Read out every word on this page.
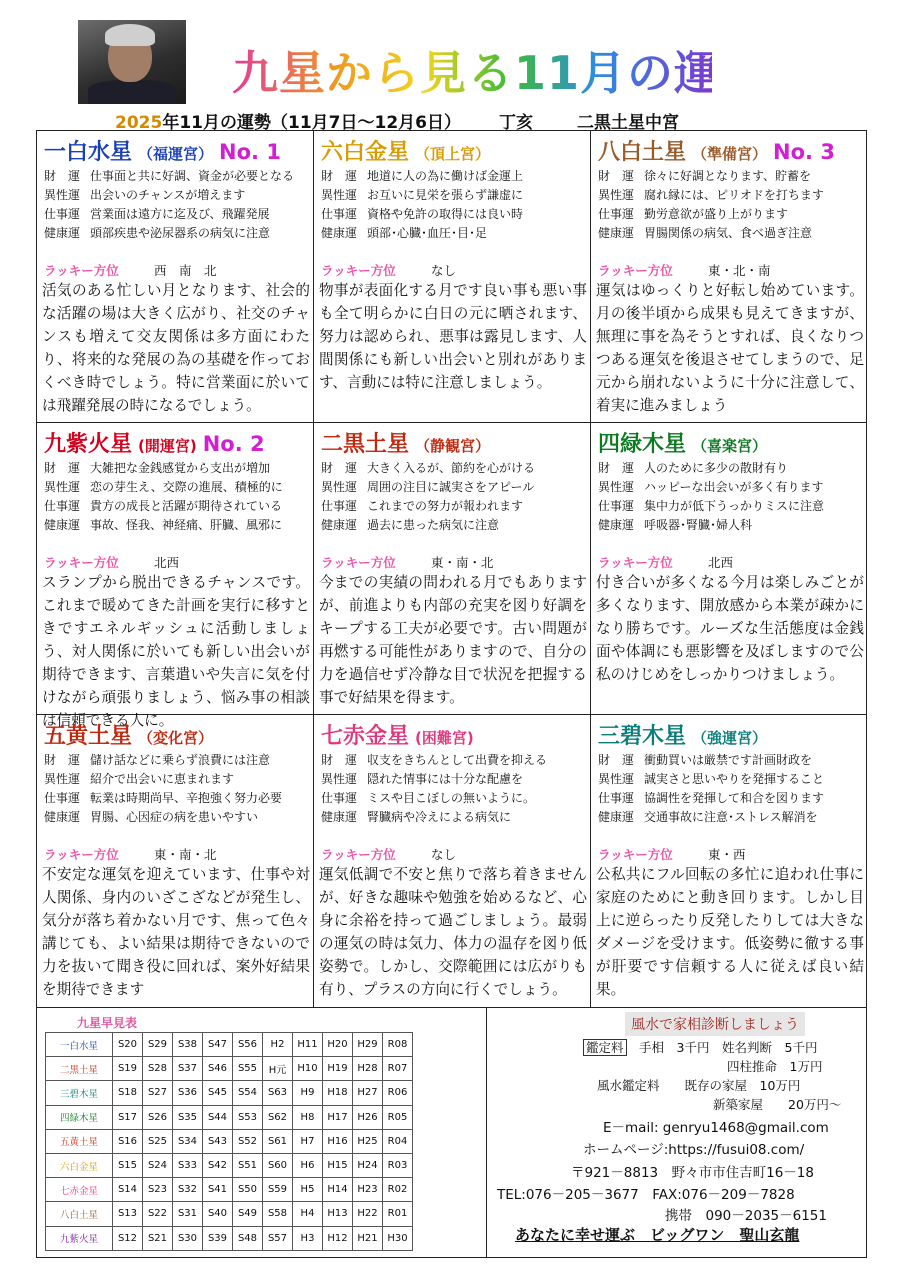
九星から見る11月の運勢
2025年11月の運勢（11月7日～12月6日） 丁亥	二黒土星中宮
一白水星 （福運宮） No. 1
財　運 仕事面と共に好調、資金が必要となる
異性運 出会いのチャンスが増えます
仕事運 営業面は遠方に迄及び、飛躍発展
健康運 頭部疾患や泌尿器系の病気に注意
ラッキー方位	西　南　北
活気のある忙しい月となります、社会的な活躍の場は大きく広がり、社交のチャンスも増えて交友関係は多方面にわたり、将来的な発展の為の基礎を作っておくべき時でしょう。特に営業面に於いては飛躍発展の時になるでしょう。
六白金星 （頂上宮）
財　運 地道に人の為に働けば金運上
異性運 お互いに見栄を張らず謙虚に
仕事運 資格や免許の取得には良い時
健康運 頭部･心臓･血圧･目･足
ラッキー方位	なし
物事が表面化する月です良い事も悪い事も全て明らかに白日の元に晒されます、努力は認められ、悪事は露見します、人間関係にも新しい出会いと別れがあります、言動には特に注意しましょう。
八白土星 （準備宮） No. 3
財　運 徐々に好調となります、貯蓄を
異性運 腐れ縁には、ピリオドを打ちます
仕事運 勤労意欲が盛り上がります
健康運 胃腸関係の病気、食べ過ぎ注意
ラッキー方位	東・北・南
運気はゆっくりと好転し始めています。月の後半頃から成果も見えてきますが、無理に事を為そうとすれば、良くなりつつある運気を後退させてしまうので、足元から崩れないように十分に注意して、着実に進みましょう
九紫火星 (開運宮) No. 2
財　運 大雑把な金銭感覚から支出が増加
異性運 恋の芽生え、交際の進展、積極的に
仕事運 貴方の成長と活躍が期待されている
健康運 事故、怪我、神経痛、肝臓、風邪に
ラッキー方位	北西
スランプから脱出できるチャンスです。これまで暖めてきた計画を実行に移すときですエネルギッシュに活動しましょう、対人関係に於いても新しい出会いが期待できます、言葉遣いや失言に気を付けながら頑張りましょう、悩み事の相談は信頼できる人に。
二黒土星 （静観宮）
財　運 大きく入るが、節約を心がける
異性運 周囲の注目に誠実さをアピール
仕事運 これまでの努力が報われます
健康運 過去に患った病気に注意
ラッキー方位	東・南・北
今までの実績の問われる月でもありますが、前進よりも内部の充実を図り好調をキープする工夫が必要です。古い問題が再燃する可能性がありますので、自分の力を過信せず冷静な目で状況を把握する事で好結果を得ます。
四緑木星 （喜楽宮）
財　運 人のために多少の散財有り
異性運 ハッピーな出会いが多く有ります
仕事運 集中力が低下うっかりミスに注意
健康運 呼吸器･腎臓･婦人科
ラッキー方位	北西
付き合いが多くなる今月は楽しみごとが多くなります、開放感から本業が疎かになり勝ちです。ルーズな生活態度は金銭面や体調にも悪影響を及ぼしますので公私のけじめをしっかりつけましょう。
五黄土星 （変化宮）
財　運 儲け話などに乗らず浪費には注意
異性運 紹介で出会いに恵まれます
仕事運 転業は時期尚早、辛抱強く努力必要
健康運 胃腸、心因症の病を患いやすい
ラッキー方位	東・南・北
不安定な運気を迎えています、仕事や対人関係、身内のいざこざなどが発生し、気分が落ち着かない月です、焦って色々講じても、よい結果は期待できないので力を抜いて聞き役に回れば、案外好結果を期待できます
七赤金星 (困難宮)
財　運 収支をきちんとして出費を抑える
異性運 隠れた情事には十分な配慮を
仕事運 ミスや目こぼしの無いように。
健康運 腎臓病や冷えによる病気に
ラッキー方位	なし
運気低調で不安と焦りで落ち着きませんが、好きな趣味や勉強を始めるなど、心身に余裕を持って過ごしましょう。最弱の運気の時は気力、体力の温存を図り低姿勢で。しかし、交際範囲には広がりも有り、プラスの方向に行くでしょう。
三碧木星 （強運宮）
財　運 衝動買いは厳禁です計画財政を
異性運 誠実さと思いやりを発揮すること
仕事運 協調性を発揮して和合を図ります
健康運 交通事故に注意･ストレス解消を
ラッキー方位	東・西
公私共にフル回転の多忙に追われ仕事に家庭のためにと動き回ります。しかし目上に逆らったり反発したりしては大きなダメージを受けます。低姿勢に徹する事が肝要です信頼する人に従えば良い結果。
九星早見表
一白水星	S20	S29	S38	S47	S56	H2	H11	H20	H29	R08
二黒土星	S19	S28	S37	S46	S55	H元	H10	H19	H28	R07
三碧木星	S18	S27	S36	S45	S54	S63	H9	H18	H27	R06
四緑木星	S17	S26	S35	S44	S53	S62	H8	H17	H26	R05
五黄土星	S16	S25	S34	S43	S52	S61	H7	H16	H25	R04
六白金星	S15	S24	S33	S42	S51	S60	H6	H15	H24	R03
七赤金星	S14	S23	S32	S41	S50	S59	H5	H14	H23	R02
八白土星	S13	S22	S31	S40	S49	S58	H4	H13	H22	R01
九紫火星	S12	S21	S30	S39	S48	S57	H3	H12	H21	H30
風水で家相診断しましょう
鑑定料　 手相　3千円　姓名判断　5千円
四柱推命　1万円
風水鑑定料　　 既存の家屋　10万円
新築家屋　　20万円～
E－mail: genryu1468@gmail.com
ホームページ:https://fusui08.com/
〒921－8813　野々市市住吉町16－18
TEL:076－205－3677　FAX:076－209－7828
携帯　090－2035－6151
あなたに幸せ運ぶ　ビッグワン　聖山玄龍
